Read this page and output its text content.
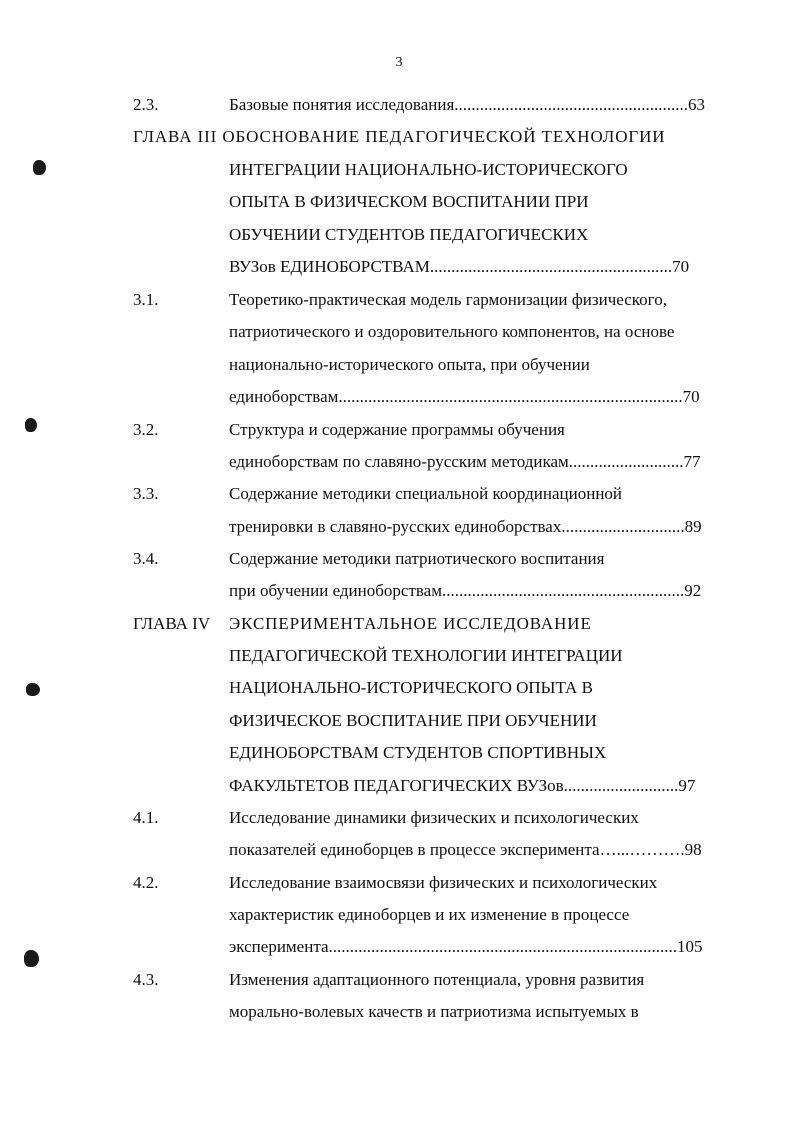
3
2.3.	Базовые понятия исследования.......................................................63
ГЛАВА III ОБОСНОВАНИЕ ПЕДАГОГИЧЕСКОЙ ТЕХНОЛОГИИ
ИНТЕГРАЦИИ НАЦИОНАЛЬНО-ИСТОРИЧЕСКОГО
ОПЫТА В ФИЗИЧЕСКОМ ВОСПИТАНИИ ПРИ
ОБУЧЕНИИ СТУДЕНТОВ ПЕДАГОГИЧЕСКИХ
ВУЗов ЕДИНОБОРСТВАМ.........................................................70
3.1.	Теоретико-практическая модель гармонизации физического,
патриотического и оздоровительного компонентов, на основе
национально-исторического опыта, при обучении
единоборствам.................................................................................70
3.2.	Структура и содержание программы обучения
единоборствам по славяно-русским методикам...........................77
3.3.	Содержание методики специальной координационной
тренировки в славяно-русских единоборствах.............................89
3.4.	Содержание методики патриотического воспитания
при обучении единоборствам.........................................................92
ГЛАВА IV ЭКСПЕРИМЕНТАЛЬНОЕ ИССЛЕДОВАНИЕ
ПЕДАГОГИЧЕСКОЙ ТЕХНОЛОГИИ ИНТЕГРАЦИИ
НАЦИОНАЛЬНО-ИСТОРИЧЕСКОГО ОПЫТА В
ФИЗИЧЕСКОЕ ВОСПИТАНИЕ ПРИ ОБУЧЕНИИ
ЕДИНОБОРСТВАМ СТУДЕНТОВ СПОРТИВНЫХ
ФАКУЛЬТЕТОВ ПЕДАГОГИЧЕСКИХ ВУЗов...........................97
4.1.	Исследование динамики физических и психологических
показателей единоборцев в процессе эксперимента…...……….98
4.2.	Исследование взаимосвязи физических и психологических
характеристик единоборцев и их изменение в процессе
эксперимента..................................................................................105
4.3.	Изменения адаптационного потенциала, уровня развития
морально-волевых качеств и патриотизма испытуемых в
